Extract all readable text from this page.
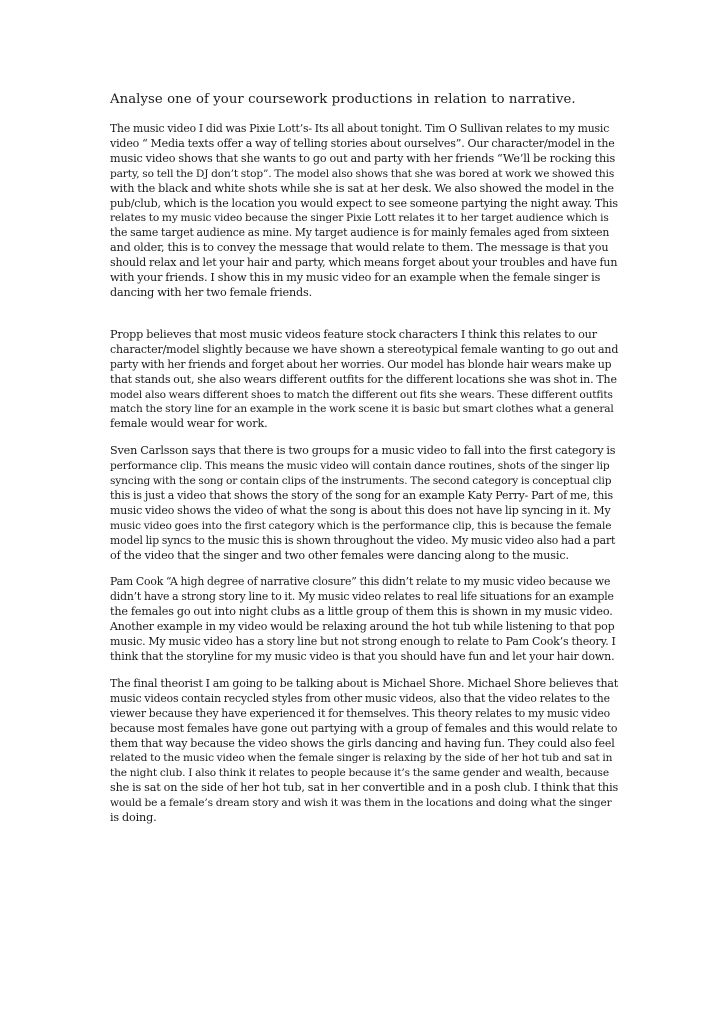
Analyse one of your coursework productions in relation to narrative.
The music video I did was Pixie Lott’s- Its all about tonight. Tim O Sullivan relates to my music
video “ Media texts offer a way of telling stories about ourselves”. Our character/model in the
music video shows that she wants to go out and party with her friends “We’ll be rocking this
party, so tell the DJ don’t stop”. The model also shows that she was bored at work we showed this
with the black and white shots while she is sat at her desk. We also showed the model in the
pub/club, which is the location you would expect to see someone partying the night away. This
relates to my music video because the singer Pixie Lott relates it to her target audience which is
the same target audience as mine. My target audience is for mainly females aged from sixteen
and older, this is to convey the message that would relate to them. The message is that you
should relax and let your hair and party, which means forget about your troubles and have fun
with your friends. I show this in my music video for an example when the female singer is
dancing with her two female friends.
Propp believes that most music videos feature stock characters I think this relates to our
character/model slightly because we have shown a stereotypical female wanting to go out and
party with her friends and forget about her worries. Our model has blonde hair wears make up
that stands out, she also wears different outfits for the different locations she was shot in. The
model also wears different shoes to match the different out fits she wears. These different outfits
match the story line for an example in the work scene it is basic but smart clothes what a general
female would wear for work.
Sven Carlsson says that there is two groups for a music video to fall into the first category is
performance clip. This means the music video will contain dance routines, shots of the singer lip
syncing with the song or contain clips of the instruments. The second category is conceptual clip
this is just a video that shows the story of the song for an example Katy Perry- Part of me, this
music video shows the video of what the song is about this does not have lip syncing in it. My
music video goes into the first category which is the performance clip, this is because the female
model lip syncs to the music this is shown throughout the video. My music video also had a part
of the video that the singer and two other females were dancing along to the music.
Pam Cook “A high degree of narrative closure” this didn’t relate to my music video because we
didn’t have a strong story line to it. My music video relates to real life situations for an example
the females go out into night clubs as a little group of them this is shown in my music video.
Another example in my video would be relaxing around the hot tub while listening to that pop
music. My music video has a story line but not strong enough to relate to Pam Cook’s theory. I
think that the storyline for my music video is that you should have fun and let your hair down.
The final theorist I am going to be talking about is Michael Shore. Michael Shore believes that
music videos contain recycled styles from other music videos, also that the video relates to the
viewer because they have experienced it for themselves. This theory relates to my music video
because most females have gone out partying with a group of females and this would relate to
them that way because the video shows the girls dancing and having fun. They could also feel
related to the music video when the female singer is relaxing by the side of her hot tub and sat in
the night club. I also think it relates to people because it’s the same gender and wealth, because
she is sat on the side of her hot tub, sat in her convertible and in a posh club. I think that this
would be a female’s dream story and wish it was them in the locations and doing what the singer
is doing.
